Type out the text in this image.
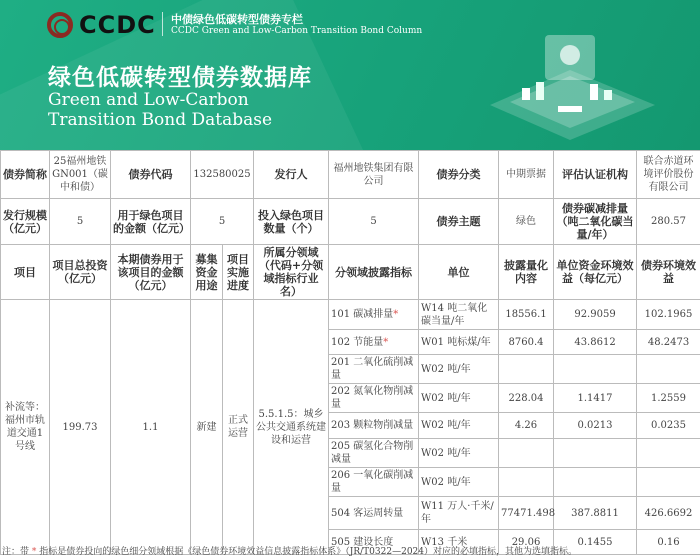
CCDC 中债绿色低碳转型债券专栏
CCDC Green and Low-Carbon Transition Bond Column
绿色低碳转型债券数据库
Green and Low-Carbon
Transition Bond Database
债券简称	25福州地铁GN001（碳中和债）	债券代码	132580025		发行人	福州地铁集团有限公司	债券分类	中期票据	评估认证机构	联合赤道环境评价股份有限公司
发行规模（亿元）	5	用于绿色项目的金额（亿元）	5		投入绿色项目数量（个）	5	债券主题	绿色	债券碳减排量（吨二氧化碳当量/年）	280.57
项目	项目总投资（亿元）	本期债券用于该项目的金额（亿元）	募集资金用途	项目实施进度	所属分领域（代码+分领域指标行业名）	分领域披露指标	单位	披露量化内容	单位资金环境效益（每亿元）	债券环境效益
补流等：福州市轨道交通1号线	199.73	1.1	新建	正式运营	5.5.1.5：城乡公共交通系统建设和运营	101 碳减排量*	W14 吨二氧化碳当量/年	18556.1	92.9059	102.1965
						102 节能量*	W01 吨标煤/年	8760.4	43.8612	48.2473
						201 二氧化硫削减量	W02 吨/年			
						202 氮氧化物削减量	W02 吨/年	228.04	1.1417	1.2559
						203 颗粒物削减量	W02 吨/年	4.26	0.0213	0.0235
						205 碳氢化合物削减量	W02 吨/年			
						206 一氧化碳削减量	W02 吨/年			
						504 客运周转量	W11 万人·千米/年	77471.498	387.8811	426.6692
						505 建设长度	W13 千米	29.06	0.1455	0.16
注：带 * 指标是债券投向的绿色细分领域根据《绿色债券环境效益信息披露指标体系》（JR/T0322—2024）对应的必填指标，其他为选填指标。
